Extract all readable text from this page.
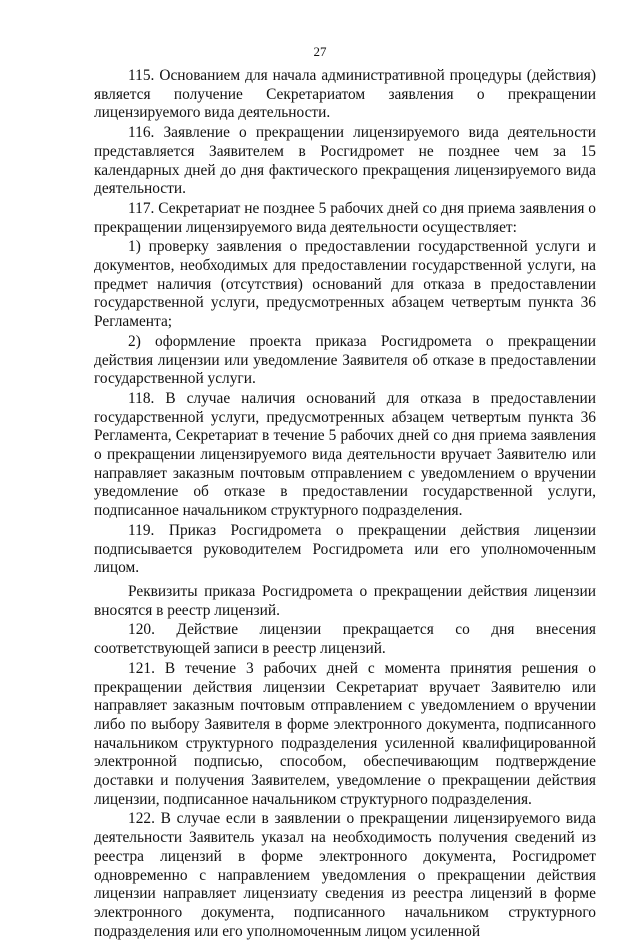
27

115. Основанием для начала административной процедуры (действия) является получение Секретариатом заявления о прекращении лицензируемого вида деятельности.

116. Заявление о прекращении лицензируемого вида деятельности представляется Заявителем в Росгидромет не позднее чем за 15 календарных дней до дня фактического прекращения лицензируемого вида деятельности.

117. Секретариат не позднее 5 рабочих дней со дня приема заявления о прекращении лицензируемого вида деятельности осуществляет:

1) проверку заявления о предоставлении государственной услуги и документов, необходимых для предоставлении государственной услуги, на предмет наличия (отсутствия) оснований для отказа в предоставлении государственной услуги, предусмотренных абзацем четвертым пункта 36 Регламента;

2) оформление проекта приказа Росгидромета о прекращении действия лицензии или уведомление Заявителя об отказе в предоставлении государственной услуги.

118. В случае наличия оснований для отказа в предоставлении государственной услуги, предусмотренных абзацем четвертым пункта 36 Регламента, Секретариат в течение 5 рабочих дней со дня приема заявления о прекращении лицензируемого вида деятельности вручает Заявителю или направляет заказным почтовым отправлением с уведомлением о вручении уведомление об отказе в предоставлении государственной услуги, подписанное начальником структурного подразделения.

119. Приказ Росгидромета о прекращении действия лицензии подписывается руководителем Росгидромета или его уполномоченным лицом.

Реквизиты приказа Росгидромета о прекращении действия лицензии вносятся в реестр лицензий.

120. Действие лицензии прекращается со дня внесения соответствующей записи в реестр лицензий.

121. В течение 3 рабочих дней с момента принятия решения о прекращении действия лицензии Секретариат вручает Заявителю или направляет заказным почтовым отправлением с уведомлением о вручении либо по выбору Заявителя в форме электронного документа, подписанного начальником структурного подразделения усиленной квалифицированной электронной подписью, способом, обеспечивающим подтверждение доставки и получения Заявителем, уведомление о прекращении действия лицензии, подписанное начальником структурного подразделения.

122. В случае если в заявлении о прекращении лицензируемого вида деятельности Заявитель указал на необходимость получения сведений из реестра лицензий в форме электронного документа, Росгидромет одновременно с направлением уведомления о прекращении действия лицензии направляет лицензиату сведения из реестра лицензий в форме электронного документа, подписанного начальником структурного подразделения или его уполномоченным лицом усиленной
